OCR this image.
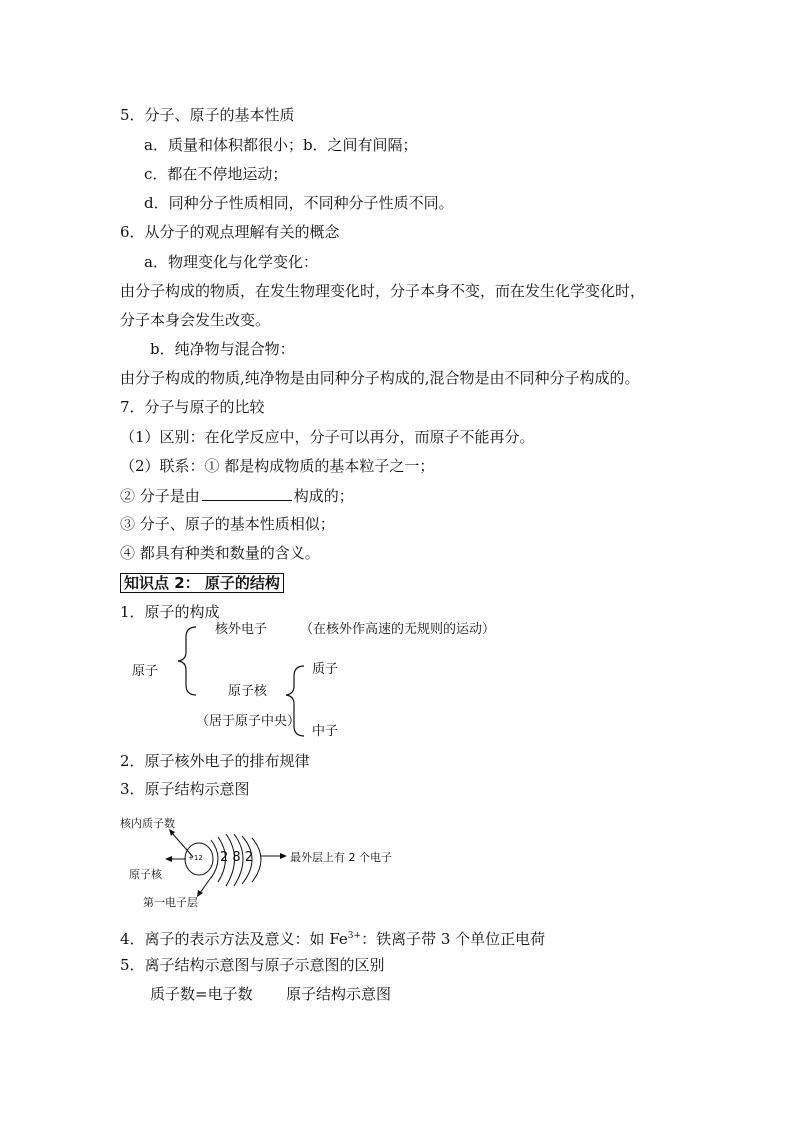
5．分子、原子的基本性质
a．质量和体积都很小；b．之间有间隔；
c．都在不停地运动；
d．同种分子性质相同，不同种分子性质不同。
6．从分子的观点理解有关的概念
a．物理变化与化学变化：
由分子构成的物质，在发生物理变化时，分子本身不变，而在发生化学变化时，
分子本身会发生改变。
b．纯净物与混合物：
由分子构成的物质,纯净物是由同种分子构成的,混合物是由不同种分子构成的。
7．分子与原子的比较
（1）区别：在化学反应中，分子可以再分，而原子不能再分。
（2）联系：① 都是构成物质的基本粒子之一；
② 分子是由	构成的；
③ 分子、原子的基本性质相似；
④ 都具有种类和数量的含义。
知识点 2： 原子的结构
1．原子的构成
核外电子	（在核外作高速的无规则的运动）
原子
原子核
（居于原子中央）
质子
中子
2．原子核外电子的排布规律
3．原子结构示意图
核内质子数
原子核
第一电子层
+12 2 8 2	最外层上有 2 个电子
4．离子的表示方法及意义：如 $Fe^{3+}$：铁离子带 3 个单位正电荷
5．离子结构示意图与原子示意图的区别
质子数=电子数 原子结构示意图
